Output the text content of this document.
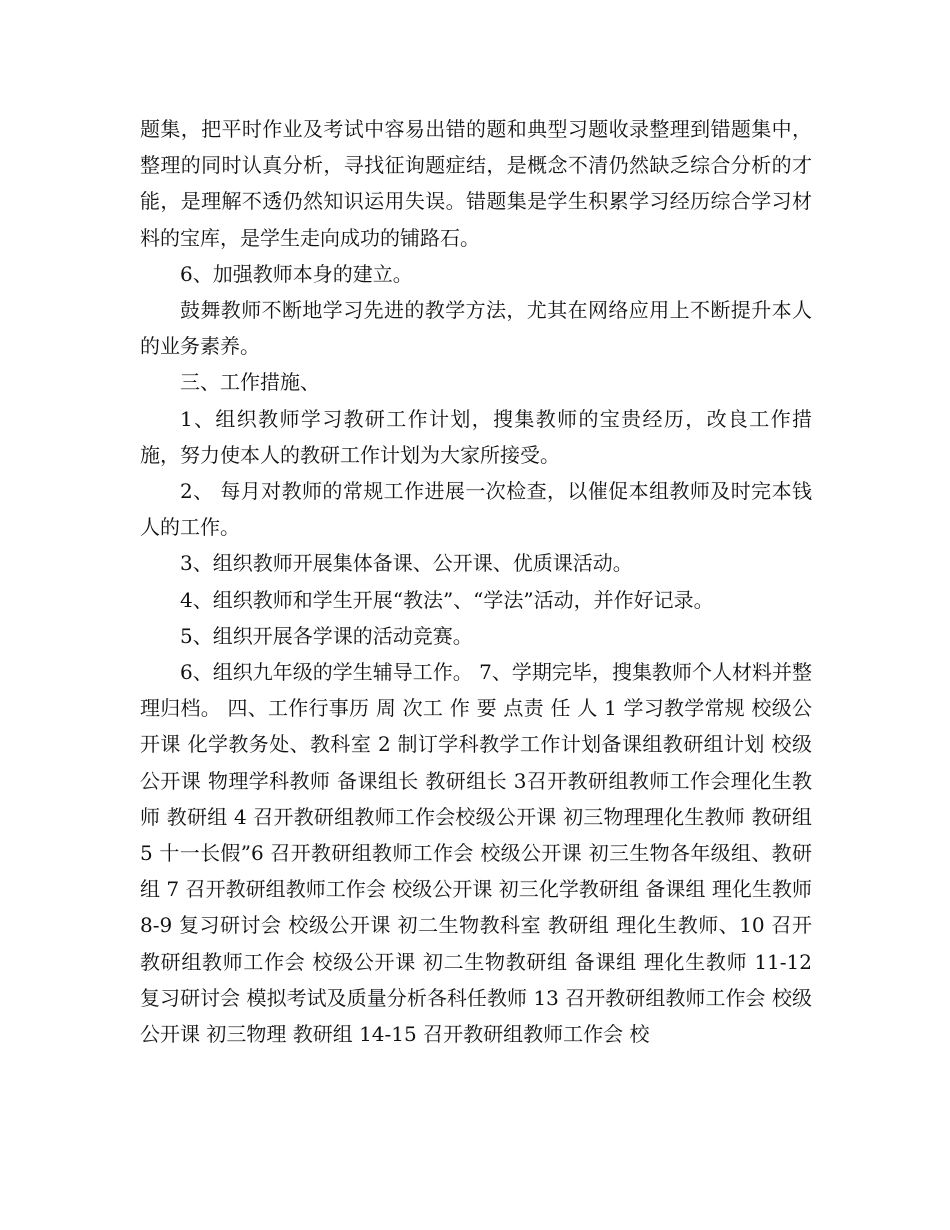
题集，把平时作业及考试中容易出错的题和典型习题收录整理到错题集中，整理的同时认真分析，寻找征询题症结，是概念不清仍然缺乏综合分析的才能，是理解不透仍然知识运用失误。错题集是学生积累学习经历综合学习材料的宝库，是学生走向成功的铺路石。

6、加强教师本身的建立。

鼓舞教师不断地学习先进的教学方法，尤其在网络应用上不断提升本人的业务素养。

三、工作措施、

1、组织教师学习教研工作计划，搜集教师的宝贵经历，改良工作措施，努力使本人的教研工作计划为大家所接受。

2、 每月对教师的常规工作进展一次检查，以催促本组教师及时完本钱人的工作。

3、组织教师开展集体备课、公开课、优质课活动。

4、组织教师和学生开展“教法”、“学法”活动，并作好记录。

5、组织开展各学课的活动竞赛。

6、组织九年级的学生辅导工作。 7、学期完毕，搜集教师个人材料并整理归档。 四、工作行事历 周 次工 作 要 点责 任 人 1 学习教学常规 校级公开课 化学教务处、教科室 2 制订学科教学工作计划备课组教研组计划 校级公开课 物理学科教师 备课组长 教研组长 3召开教研组教师工作会理化生教师 教研组 4 召开教研组教师工作会校级公开课 初三物理理化生教师 教研组 5 十一长假”6 召开教研组教师工作会 校级公开课 初三生物各年级组、教研组 7 召开教研组教师工作会 校级公开课 初三化学教研组 备课组 理化生教师 8-9 复习研讨会 校级公开课 初二生物教科室 教研组 理化生教师、10 召开教研组教师工作会 校级公开课 初二生物教研组 备课组 理化生教师 11-12 复习研讨会 模拟考试及质量分析各科任教师 13 召开教研组教师工作会 校级公开课 初三物理 教研组 14-15 召开教研组教师工作会 校
